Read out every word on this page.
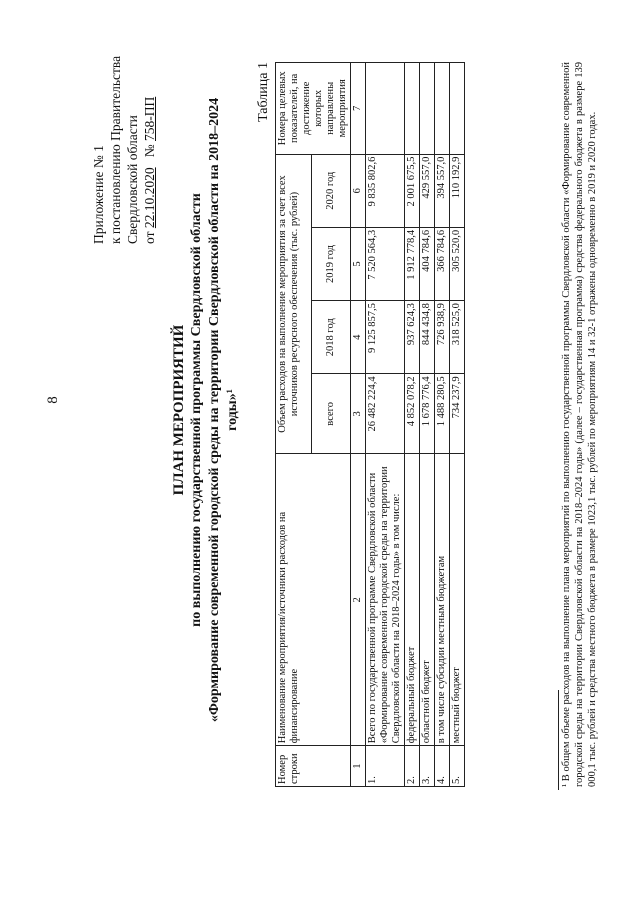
8
Приложение № 1 к постановлению Правительства Свердловской области от 22.10.2020   № 758-ПП
ПЛАН МЕРОПРИЯТИЙ по выполнению государственной программы Свердловской области «Формирование современной городской среды на территории Свердловской области на 2018–2024 годы»¹
Таблица 1
Номер строки	Наименование мероприятия/источники расходов на финансирование	Объем расходов на выполнение мероприятия за счет всех источников ресурсного обеспечения (тыс. рублей)				Номера целевых показателей, на достижение которых направлены мероприятия
		всего	2018 год	2019 год	2020 год	
1	2	3	4	5	6	7
1.	Всего по государственной программе Свердловской области «Формирование современной городской среды на территории Свердловской области на 2018–2024 годы» в том числе:	26 482 224,4	9 125 857,5	7 520 564,3	9 835 802,6	
2.	федеральный бюджет	4 852 078,2	937 624,3	1 912 778,4	2 001 675,5	
3.	областной бюджет	1 678 776,4	844 434,8	404 784,6	429 557,0	
4.	в том числе субсидии местным бюджетам	1 488 280,5	726 938,9	366 784,6	394 557,0	
5.	местный бюджет	734 237,9	318 525,0	305 520,0	110 192,9		¹ В общем объеме расходов на выполнение плана мероприятий по выполнению государственной программы Свердловской области «Формирование современной городской среды на территории Свердловской области на 2018–2024 годы» (далее – государственная программа) средства федерального бюджета в размере 139 000,1 тыс. рублей и средства местного бюджета в размере 1023,1 тыс. рублей по мероприятиям 14 и 32-1 отражены одновременно в 2019 и 2020 годах.
